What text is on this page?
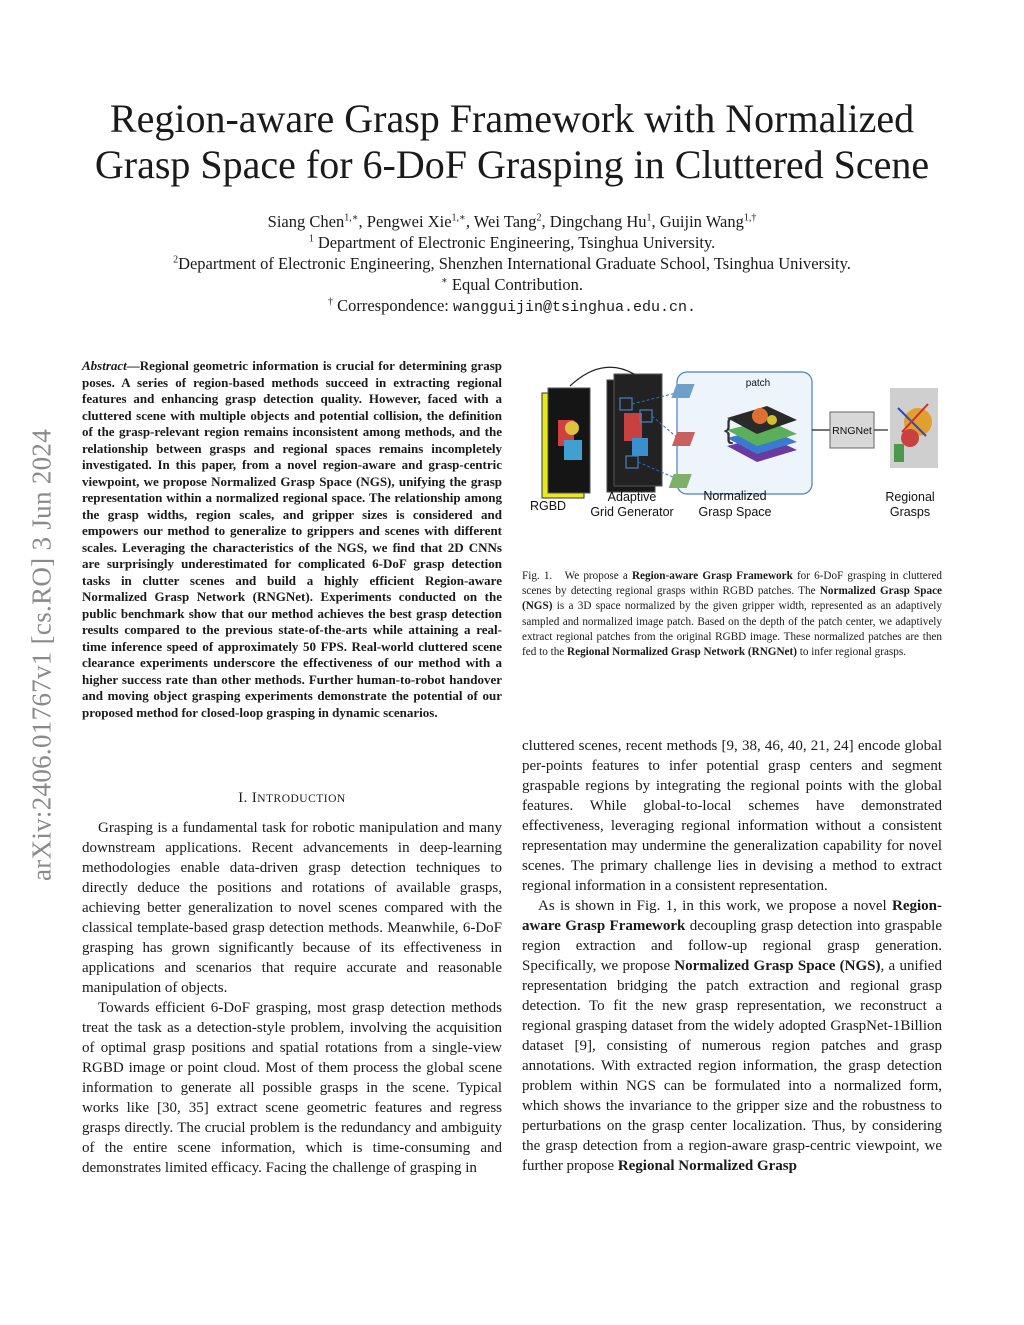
Region-aware Grasp Framework with Normalized
Grasp Space for 6-DoF Grasping in Cluttered Scene
Siang Chen$^{1,∗}$, Pengwei Xie$^{1,∗}$, Wei Tang$^2$, Dingchang Hu$^1$, Guijin Wang$^{1,\dagger}$
$^1$ Department of Electronic Engineering, Tsinghua University.
$^2$Department of Electronic Engineering, Shenzhen International Graduate School, Tsinghua University.
∗ Equal Contribution.
† Correspondence: wangguijin@tsinghua.edu.cn.
arXiv:2406.01767v1 [cs.RO] 3 Jun 2024
Abstract—Regional geometric information is crucial for determining grasp poses. A series of region-based methods succeed in extracting regional features and enhancing grasp detection quality. However, faced with a cluttered scene with multiple objects and potential collision, the definition of the grasp-relevant region remains inconsistent among methods, and the relationship between grasps and regional spaces remains incompletely investigated. In this paper, from a novel region-aware and grasp-centric viewpoint, we propose Normalized Grasp Space (NGS), unifying the grasp representation within a normalized regional space. The relationship among the grasp widths, region scales, and gripper sizes is considered and empowers our method to generalize to grippers and scenes with different scales. Leveraging the characteristics of the NGS, we find that 2D CNNs are surprisingly underestimated for complicated 6-DoF grasp detection tasks in clutter scenes and build a highly efficient Region-aware Normalized Grasp Network (RNGNet). Experiments conducted on the public benchmark show that our method achieves the best grasp detection results compared to the previous state-of-the-arts while attaining a real-time inference speed of approximately 50 FPS. Real-world cluttered scene clearance experiments underscore the effectiveness of our method with a higher success rate than other methods. Further human-to-robot handover and moving object grasping experiments demonstrate the potential of our proposed method for closed-loop grasping in dynamic scenarios.
I. INTRODUCTION

Grasping is a fundamental task for robotic manipulation and many downstream applications. Recent advancements in deep-learning methodologies enable data-driven grasp detection techniques to directly deduce the positions and rotations of available grasps, achieving better generalization to novel scenes compared with the classical template-based grasp detection methods. Meanwhile, 6-DoF grasping has grown significantly because of its effectiveness in applications and scenarios that require accurate and reasonable manipulation of objects.

Towards efficient 6-DoF grasping, most grasp detection methods treat the task as a detection-style problem, involving the acquisition of optimal grasp positions and spatial rotations from a single-view RGBD image or point cloud. Most of them process the global scene information to generate all possible grasps in the scene. Typical works like [30, 35] extract scene geometric features and regress grasps directly. The crucial problem is the redundancy and ambiguity of the entire scene information, which is time-consuming and demonstrates limited efficacy. Facing the challenge of grasping in

patch
{	RNGNet
RGBD
Adaptive
Grid Generator
Normalized
Grasp Space
Regional
Grasps
Fig. 1. We propose a Region-aware Grasp Framework for 6-DoF grasping in cluttered scenes by detecting regional grasps within RGBD patches. The Normalized Grasp Space (NGS) is a 3D space normalized by the given gripper width, represented as an adaptively sampled and normalized image patch. Based on the depth of the patch center, we adaptively extract regional patches from the original RGBD image. These normalized patches are then fed to the Regional Normalized Grasp Network (RNGNet) to infer regional grasps.

cluttered scenes, recent methods [9, 38, 46, 40, 21, 24] encode global per-points features to infer potential grasp centers and segment graspable regions by integrating the regional points with the global features. While global-to-local schemes have demonstrated effectiveness, leveraging regional information without a consistent representation may undermine the generalization capability for novel scenes. The primary challenge lies in devising a method to extract regional information in a consistent representation.

As is shown in Fig. 1, in this work, we propose a novel Region-aware Grasp Framework decoupling grasp detection into graspable region extraction and follow-up regional grasp generation. Specifically, we propose Normalized Grasp Space (NGS), a unified representation bridging the patch extraction and regional grasp detection. To fit the new grasp representation, we reconstruct a regional grasping dataset from the widely adopted GraspNet-1Billion dataset [9], consisting of numerous region patches and grasp annotations. With extracted region information, the grasp detection problem within NGS can be formulated into a normalized form, which shows the invariance to the gripper size and the robustness to perturbations on the grasp center localization. Thus, by considering the grasp detection from a region-aware grasp-centric viewpoint, we further propose Regional Normalized Grasp
